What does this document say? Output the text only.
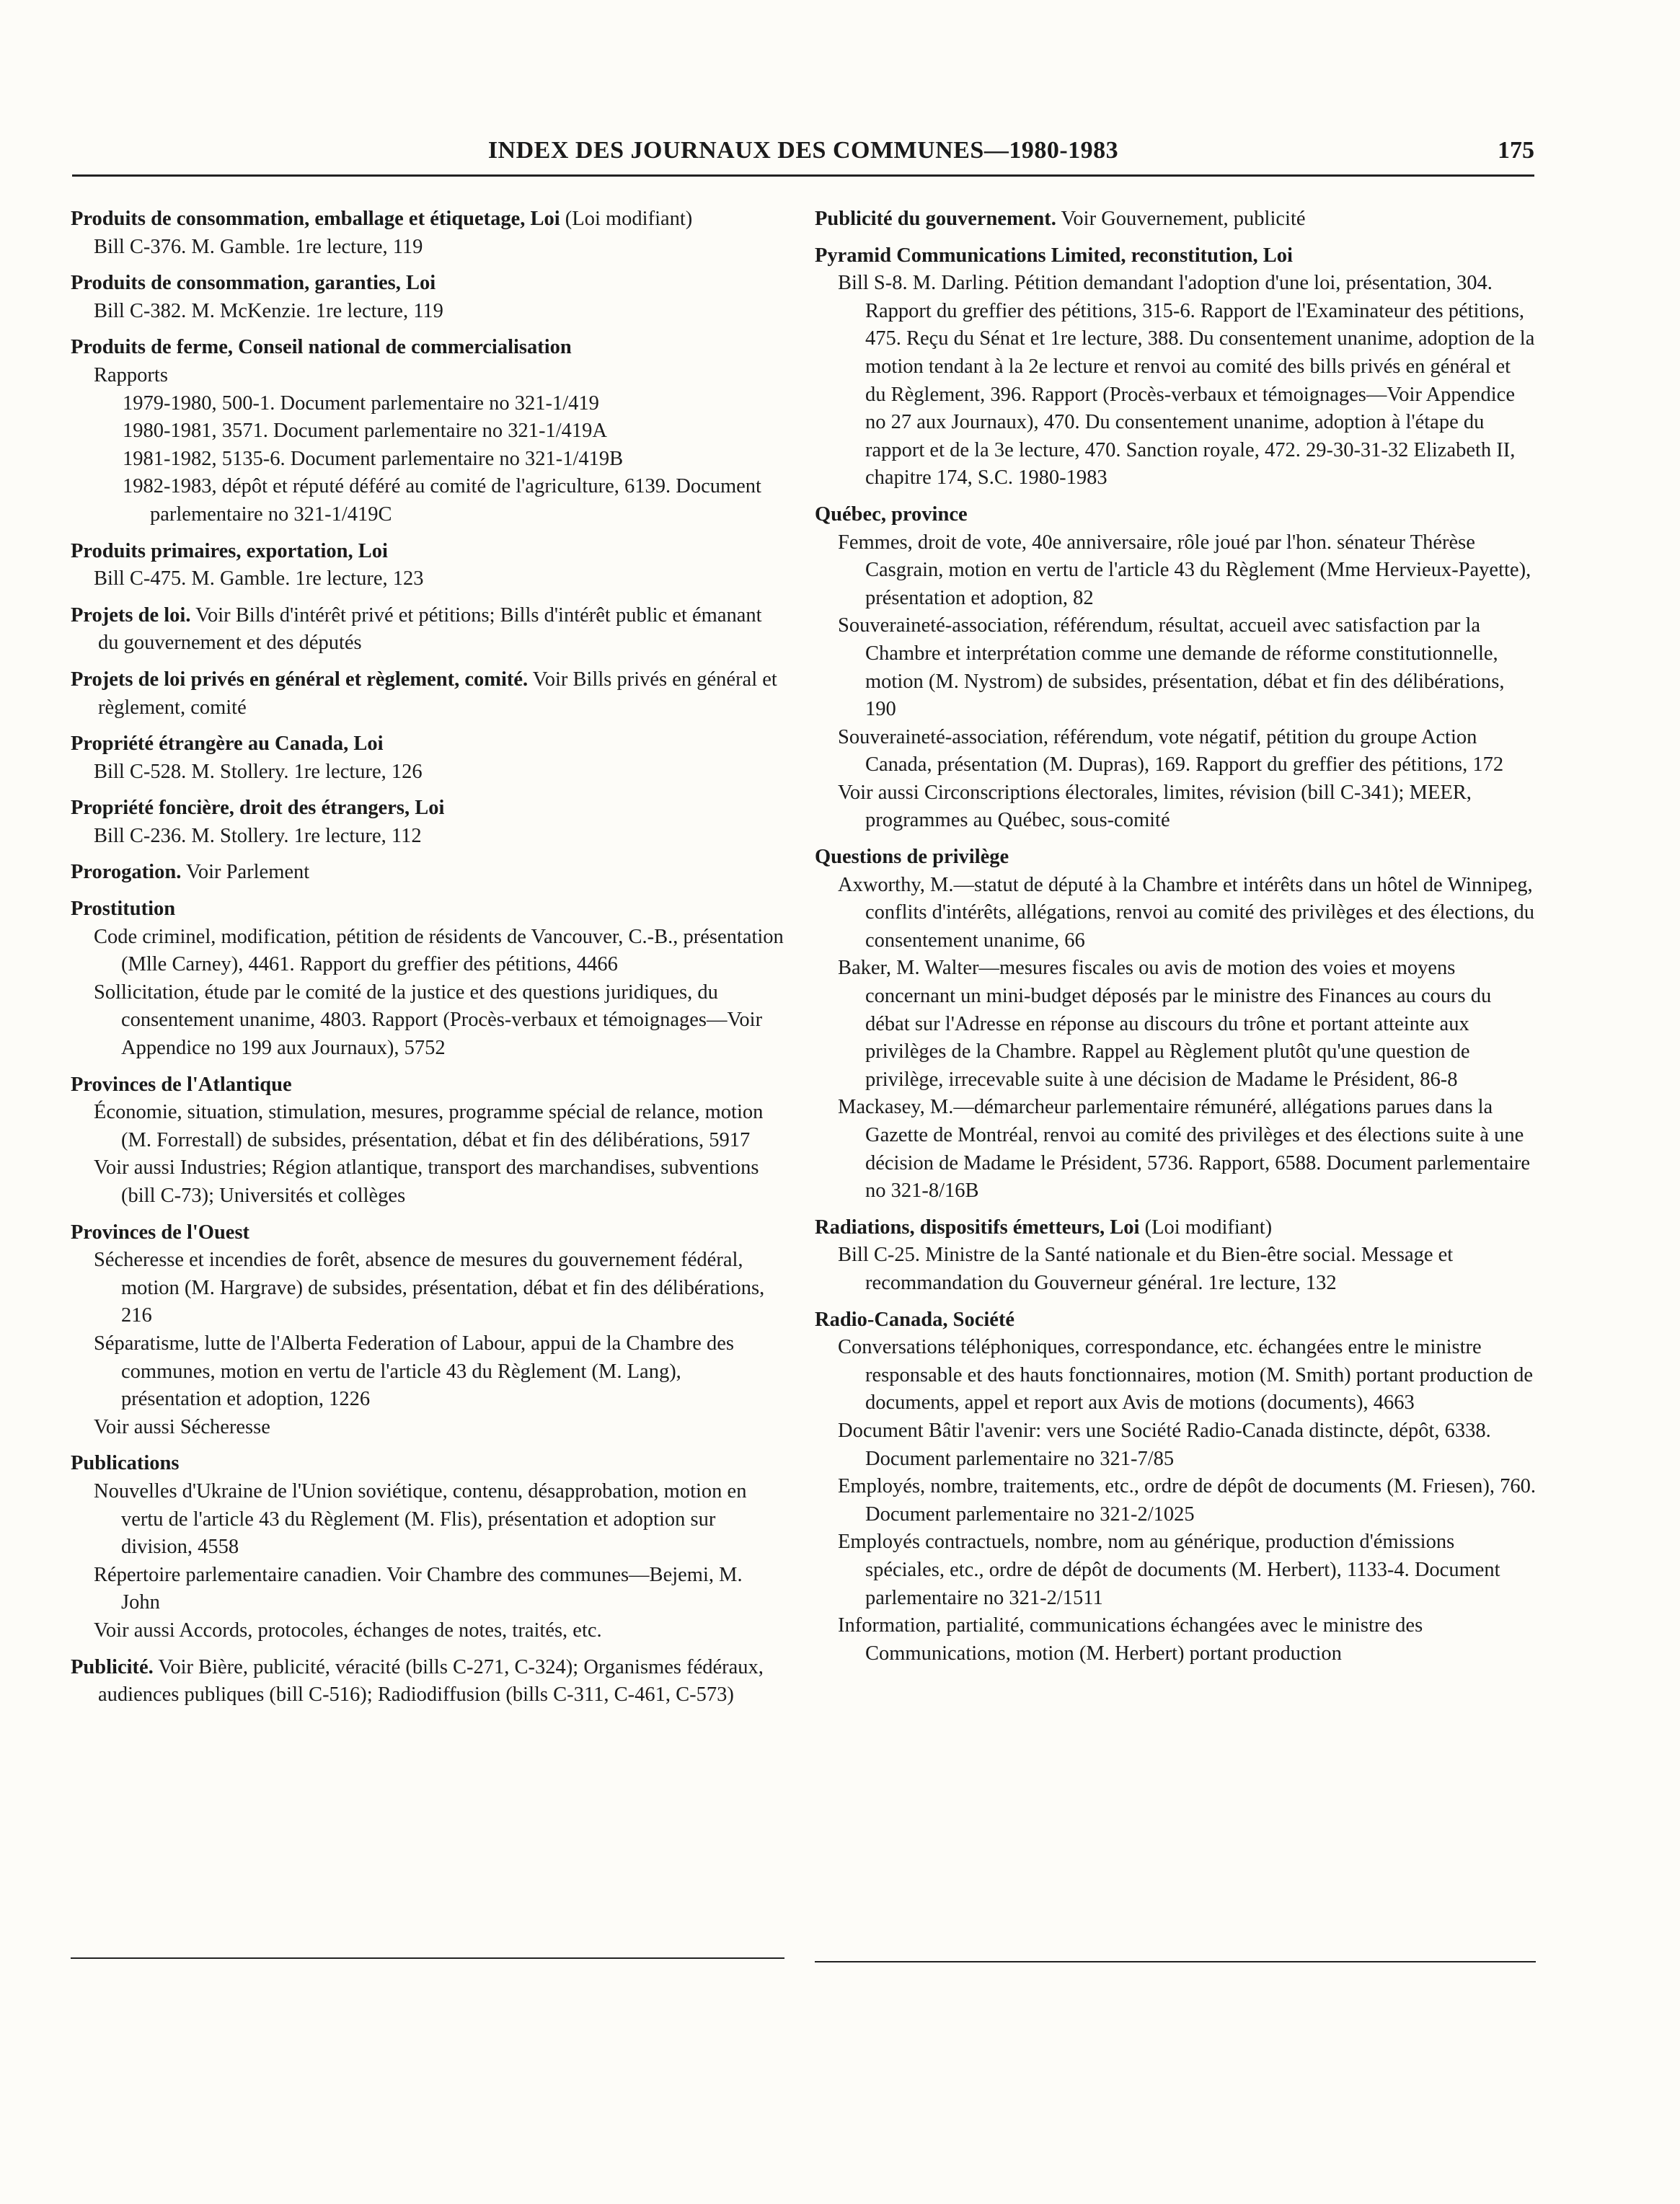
INDEX DES JOURNAUX DES COMMUNES—1980-1983	175
Produits de consommation, emballage et étiquetage, Loi (Loi modifiant)
Bill C-376. M. Gamble. 1re lecture, 119
Produits de consommation, garanties, Loi
Bill C-382. M. McKenzie. 1re lecture, 119
Produits de ferme, Conseil national de commercialisation
Rapports
1979-1980, 500-1. Document parlementaire no 321-1/419
1980-1981, 3571. Document parlementaire no 321-1/419A
1981-1982, 5135-6. Document parlementaire no 321-1/419B
1982-1983, dépôt et réputé déféré au comité de l'agriculture, 6139. Document parlementaire no 321-1/419C
Produits primaires, exportation, Loi
Bill C-475. M. Gamble. 1re lecture, 123
Projets de loi. Voir Bills d'intérêt privé et pétitions; Bills d'intérêt public et émanant du gouvernement et des députés
Projets de loi privés en général et règlement, comité. Voir Bills privés en général et règlement, comité
Propriété étrangère au Canada, Loi
Bill C-528. M. Stollery. 1re lecture, 126
Propriété foncière, droit des étrangers, Loi
Bill C-236. M. Stollery. 1re lecture, 112
Prorogation. Voir Parlement
Prostitution
Code criminel, modification, pétition de résidents de Vancouver, C.-B., présentation (Mlle Carney), 4461. Rapport du greffier des pétitions, 4466
Sollicitation, étude par le comité de la justice et des questions juridiques, du consentement unanime, 4803. Rapport (Procès-verbaux et témoignages—Voir Appendice no 199 aux Journaux), 5752
Provinces de l'Atlantique
Économie, situation, stimulation, mesures, programme spécial de relance, motion (M. Forrestall) de subsides, présentation, débat et fin des délibérations, 5917
Voir aussi Industries; Région atlantique, transport des marchandises, subventions (bill C-73); Universités et collèges
Provinces de l'Ouest
Sécheresse et incendies de forêt, absence de mesures du gouvernement fédéral, motion (M. Hargrave) de subsides, présentation, débat et fin des délibérations, 216
Séparatisme, lutte de l'Alberta Federation of Labour, appui de la Chambre des communes, motion en vertu de l'article 43 du Règlement (M. Lang), présentation et adoption, 1226
Voir aussi Sécheresse
Publications
Nouvelles d'Ukraine de l'Union soviétique, contenu, désapprobation, motion en vertu de l'article 43 du Règlement (M. Flis), présentation et adoption sur division, 4558
Répertoire parlementaire canadien. Voir Chambre des communes—Bejemi, M. John
Voir aussi Accords, protocoles, échanges de notes, traités, etc.
Publicité. Voir Bière, publicité, véracité (bills C-271, C-324); Organismes fédéraux, audiences publiques (bill C-516); Radiodiffusion (bills C-311, C-461, C-573)
Publicité du gouvernement. Voir Gouvernement, publicité
Pyramid Communications Limited, reconstitution, Loi
Bill S-8. M. Darling. Pétition demandant l'adoption d'une loi, présentation, 304. Rapport du greffier des pétitions, 315-6. Rapport de l'Examinateur des pétitions, 475. Reçu du Sénat et 1re lecture, 388. Du consentement unanime, adoption de la motion tendant à la 2e lecture et renvoi au comité des bills privés en général et du Règlement, 396. Rapport (Procès-verbaux et témoignages—Voir Appendice no 27 aux Journaux), 470. Du consentement unanime, adoption à l'étape du rapport et de la 3e lecture, 470. Sanction royale, 472. 29-30-31-32 Elizabeth II, chapitre 174, S.C. 1980-1983
Québec, province
Femmes, droit de vote, 40e anniversaire, rôle joué par l'hon. sénateur Thérèse Casgrain, motion en vertu de l'article 43 du Règlement (Mme Hervieux-Payette), présentation et adoption, 82
Souveraineté-association, référendum, résultat, accueil avec satisfaction par la Chambre et interprétation comme une demande de réforme constitutionnelle, motion (M. Nystrom) de subsides, présentation, débat et fin des délibérations, 190
Souveraineté-association, référendum, vote négatif, pétition du groupe Action Canada, présentation (M. Dupras), 169. Rapport du greffier des pétitions, 172
Voir aussi Circonscriptions électorales, limites, révision (bill C-341); MEER, programmes au Québec, sous-comité
Questions de privilège
Axworthy, M.—statut de député à la Chambre et intérêts dans un hôtel de Winnipeg, conflits d'intérêts, allégations, renvoi au comité des privilèges et des élections, du consentement unanime, 66
Baker, M. Walter—mesures fiscales ou avis de motion des voies et moyens concernant un mini-budget déposés par le ministre des Finances au cours du débat sur l'Adresse en réponse au discours du trône et portant atteinte aux privilèges de la Chambre. Rappel au Règlement plutôt qu'une question de privilège, irrecevable suite à une décision de Madame le Président, 86-8
Mackasey, M.—démarcheur parlementaire rémunéré, allégations parues dans la Gazette de Montréal, renvoi au comité des privilèges et des élections suite à une décision de Madame le Président, 5736. Rapport, 6588. Document parlementaire no 321-8/16B
Radiations, dispositifs émetteurs, Loi (Loi modifiant)
Bill C-25. Ministre de la Santé nationale et du Bien-être social. Message et recommandation du Gouverneur général. 1re lecture, 132
Radio-Canada, Société
Conversations téléphoniques, correspondance, etc. échangées entre le ministre responsable et des hauts fonctionnaires, motion (M. Smith) portant production de documents, appel et report aux Avis de motions (documents), 4663
Document Bâtir l'avenir: vers une Société Radio-Canada distincte, dépôt, 6338. Document parlementaire no 321-7/85
Employés, nombre, traitements, etc., ordre de dépôt de documents (M. Friesen), 760. Document parlementaire no 321-2/1025
Employés contractuels, nombre, nom au générique, production d'émissions spéciales, etc., ordre de dépôt de documents (M. Herbert), 1133-4. Document parlementaire no 321-2/1511
Information, partialité, communications échangées avec le ministre des Communications, motion (M. Herbert) portant production
